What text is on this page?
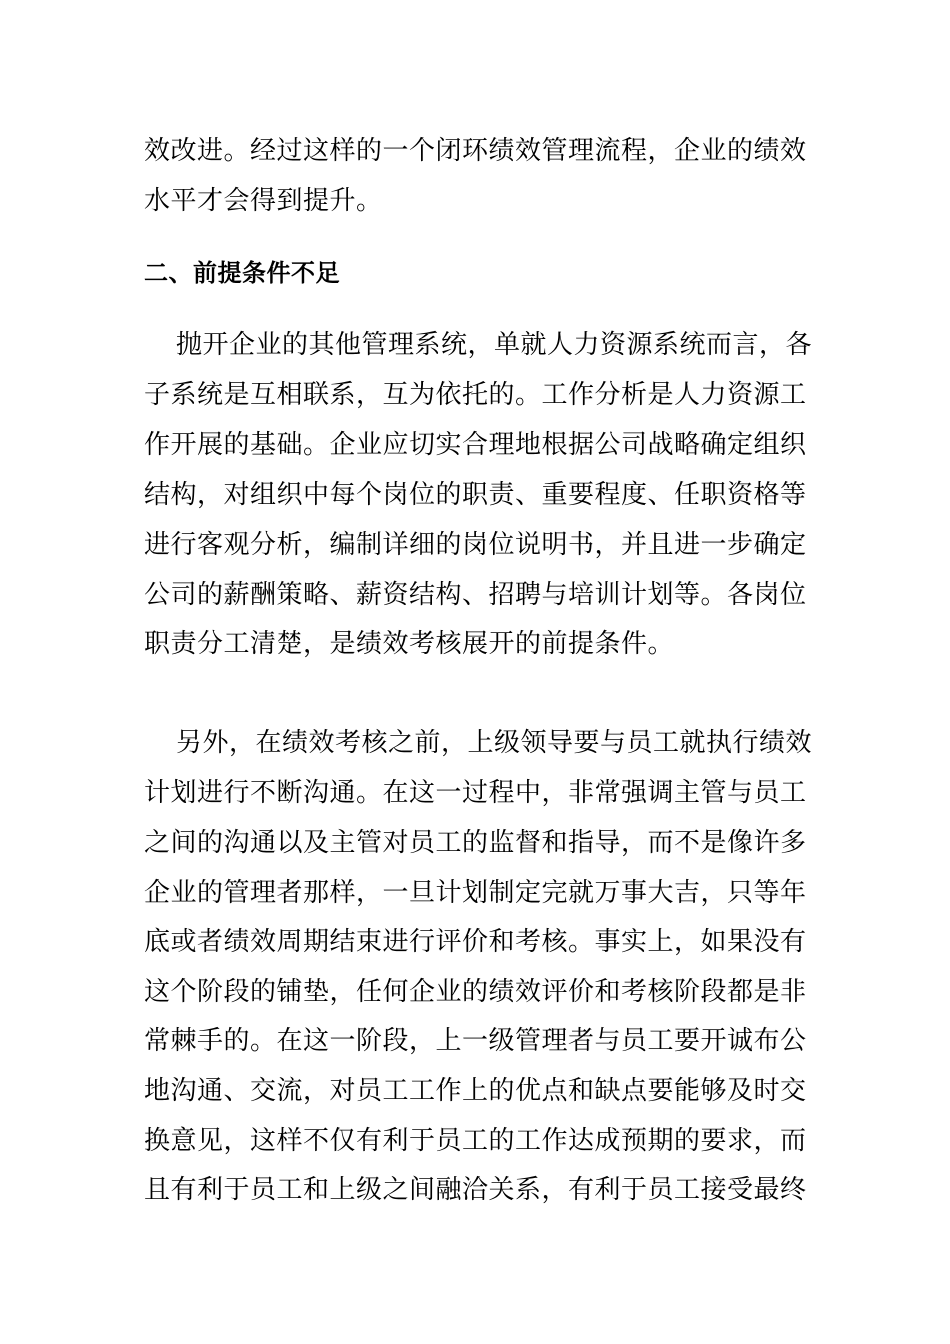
效改进。经过这样的一个闭环绩效管理流程，企业的绩效

水平才会得到提升。

二、前提条件不足

抛开企业的其他管理系统，单就人力资源系统而言，各

子系统是互相联系，互为依托的。工作分析是人力资源工

作开展的基础。企业应切实合理地根据公司战略确定组织

结构，对组织中每个岗位的职责、重要程度、任职资格等

进行客观分析，编制详细的岗位说明书，并且进一步确定

公司的薪酬策略、薪资结构、招聘与培训计划等。各岗位

职责分工清楚，是绩效考核展开的前提条件。

另外，在绩效考核之前，上级领导要与员工就执行绩效

计划进行不断沟通。在这一过程中，非常强调主管与员工

之间的沟通以及主管对员工的监督和指导，而不是像许多

企业的管理者那样，一旦计划制定完就万事大吉，只等年

底或者绩效周期结束进行评价和考核。事实上，如果没有

这个阶段的铺垫，任何企业的绩效评价和考核阶段都是非

常棘手的。在这一阶段，上一级管理者与员工要开诚布公

地沟通、交流，对员工工作上的优点和缺点要能够及时交

换意见，这样不仅有利于员工的工作达成预期的要求，而

且有利于员工和上级之间融洽关系，有利于员工接受最终
